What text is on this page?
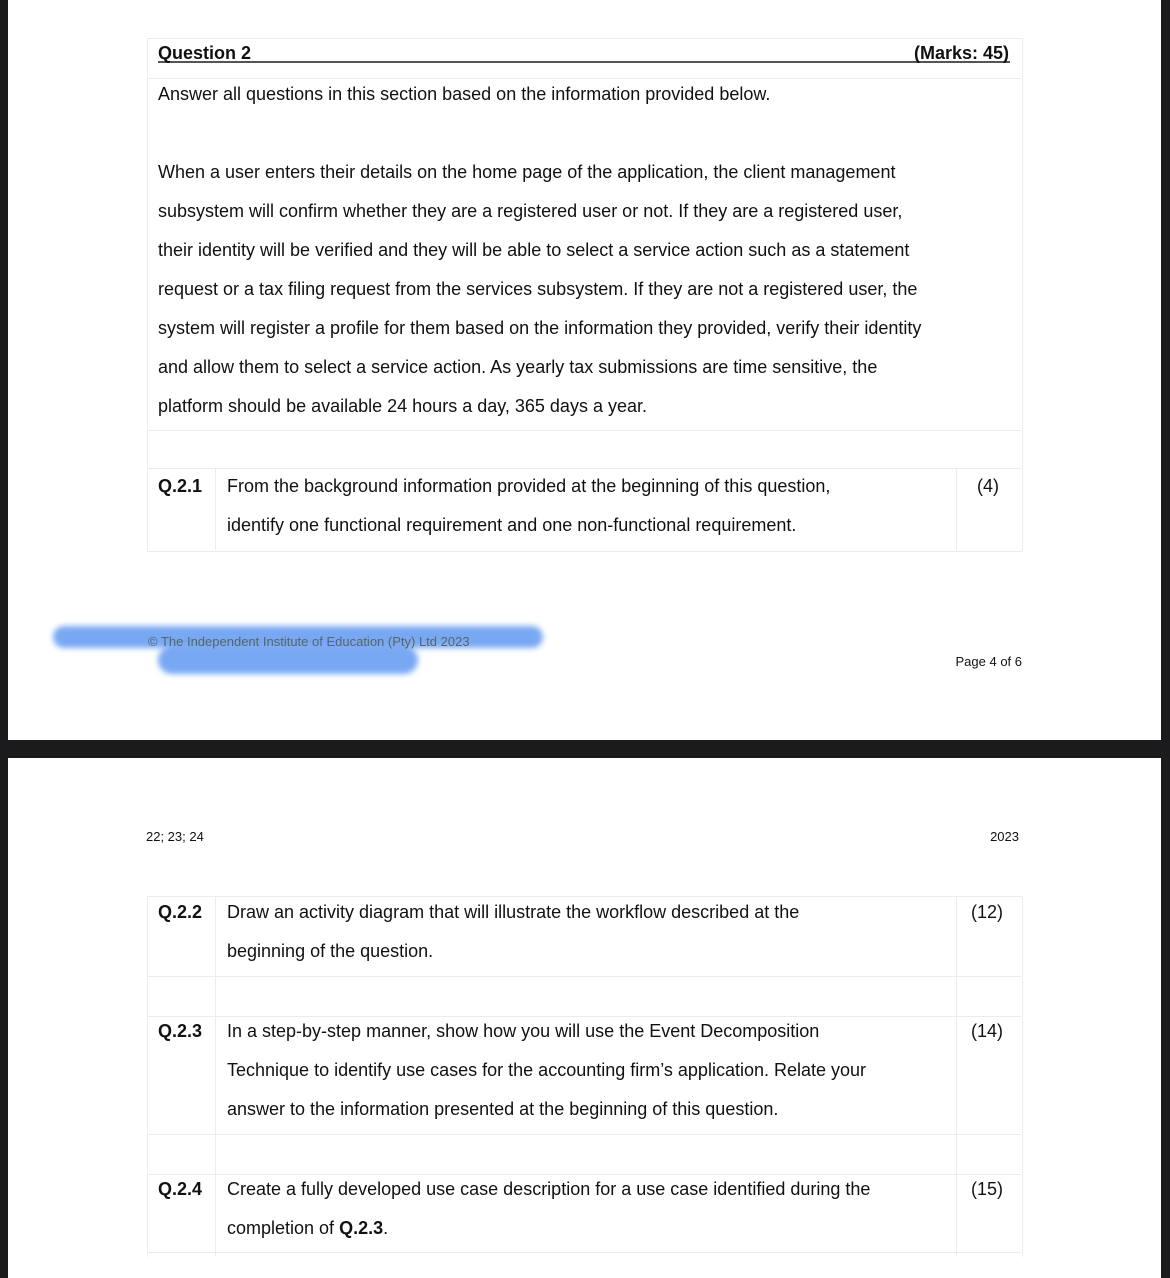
Question 2	(Marks: 45)
Answer all questions in this section based on the information provided below.
When a user enters their details on the home page of the application, the client management
subsystem will confirm whether they are a registered user or not. If they are a registered user,
their identity will be verified and they will be able to select a service action such as a statement
request or a tax filing request from the services subsystem. If they are not a registered user, the
system will register a profile for them based on the information they provided, verify their identity
and allow them to select a service action. As yearly tax submissions are time sensitive, the
platform should be available 24 hours a day, 365 days a year.
Q.2.1 From the background information provided at the beginning of this question,
identify one functional requirement and one non-functional requirement.
(4)
© The Independent Institute of Education (Pty) Ltd 2023
Page 4 of 6
22; 23; 24	2023
Q.2.2 Draw an activity diagram that will illustrate the workflow described at the
beginning of the question.
(12)
Q.2.3 In a step-by-step manner, show how you will use the Event Decomposition
Technique to identify use cases for the accounting firm’s application. Relate your
answer to the information presented at the beginning of this question.
(14)
Q.2.4 Create a fully developed use case description for a use case identified during the
completion of Q.2.3.
(15)
